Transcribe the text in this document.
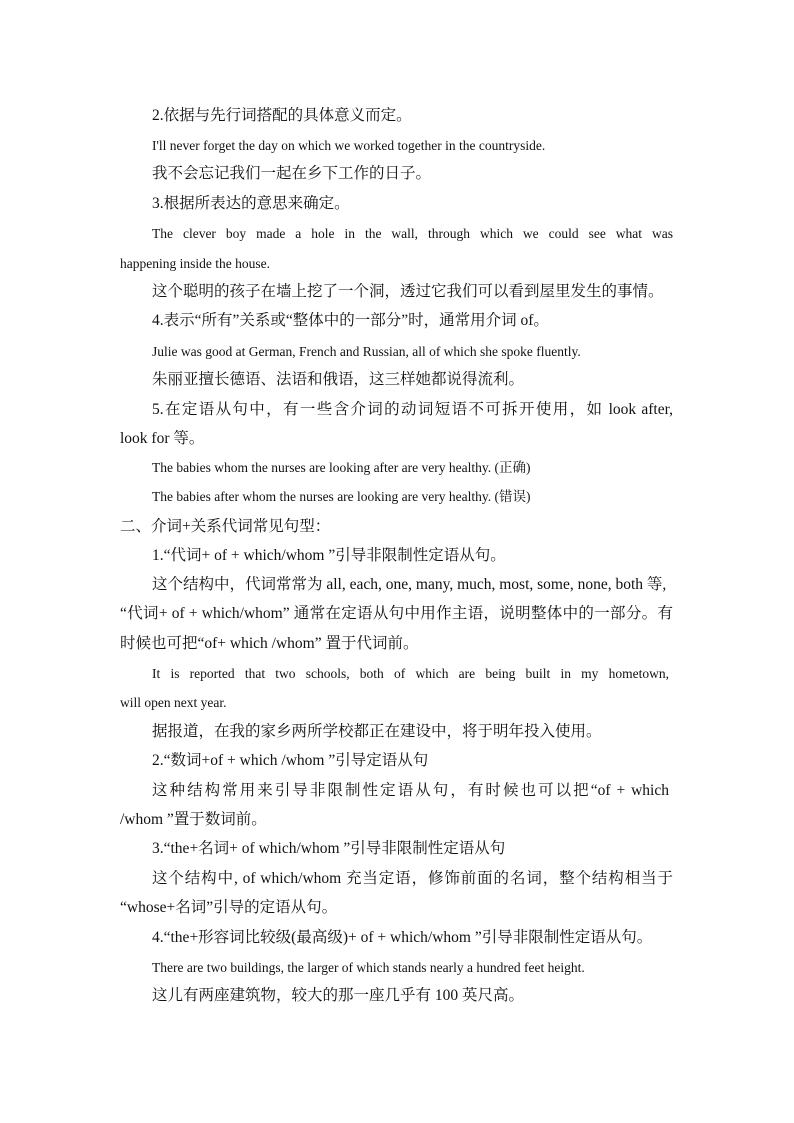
2.依据与先行词搭配的具体意义而定。
I'll never forget the day on which we worked together in the countryside.
我不会忘记我们一起在乡下工作的日子。
3.根据所表达的意思来确定。
The clever boy made a hole in the wall, through which we could see what was
happening inside the house.
这个聪明的孩子在墙上挖了一个洞，透过它我们可以看到屋里发生的事情。
4.表示“所有”关系或“整体中的一部分”时，通常用介词 of。
Julie was good at German, French and Russian, all of which she spoke fluently.
朱丽亚擅长德语、法语和俄语，这三样她都说得流利。
5.在定语从句中，有一些含介词的动词短语不可拆开使用，如 look after,
look for 等。
The babies whom the nurses are looking after are very healthy. (正确)
The babies after whom the nurses are looking are very healthy. (错误)
二、介词+关系代词常见句型：
1.“代词+ of + which/whom ”引导非限制性定语从句。
这个结构中，代词常常为 all, each, one, many, much, most, some, none, both 等,
“代词+ of + which/whom” 通常在定语从句中用作主语，说明整体中的一部分。有
时候也可把“of+ which /whom” 置于代词前。
It is reported that two schools, both of which are being built in my hometown,
will open next year.
据报道，在我的家乡两所学校都正在建设中，将于明年投入使用。
2.“数词+of + which /whom ”引导定语从句
这种结构常用来引导非限制性定语从句，有时候也可以把“of + which
/whom ”置于数词前。
3.“the+名词+ of which/whom ”引导非限制性定语从句
这个结构中, of which/whom 充当定语，修饰前面的名词，整个结构相当于
“whose+名词”引导的定语从句。
4.“the+形容词比较级(最高级)+ of + which/whom ”引导非限制性定语从句。
There are two buildings, the larger of which stands nearly a hundred feet height.
这儿有两座建筑物，较大的那一座几乎有 100 英尺高。
